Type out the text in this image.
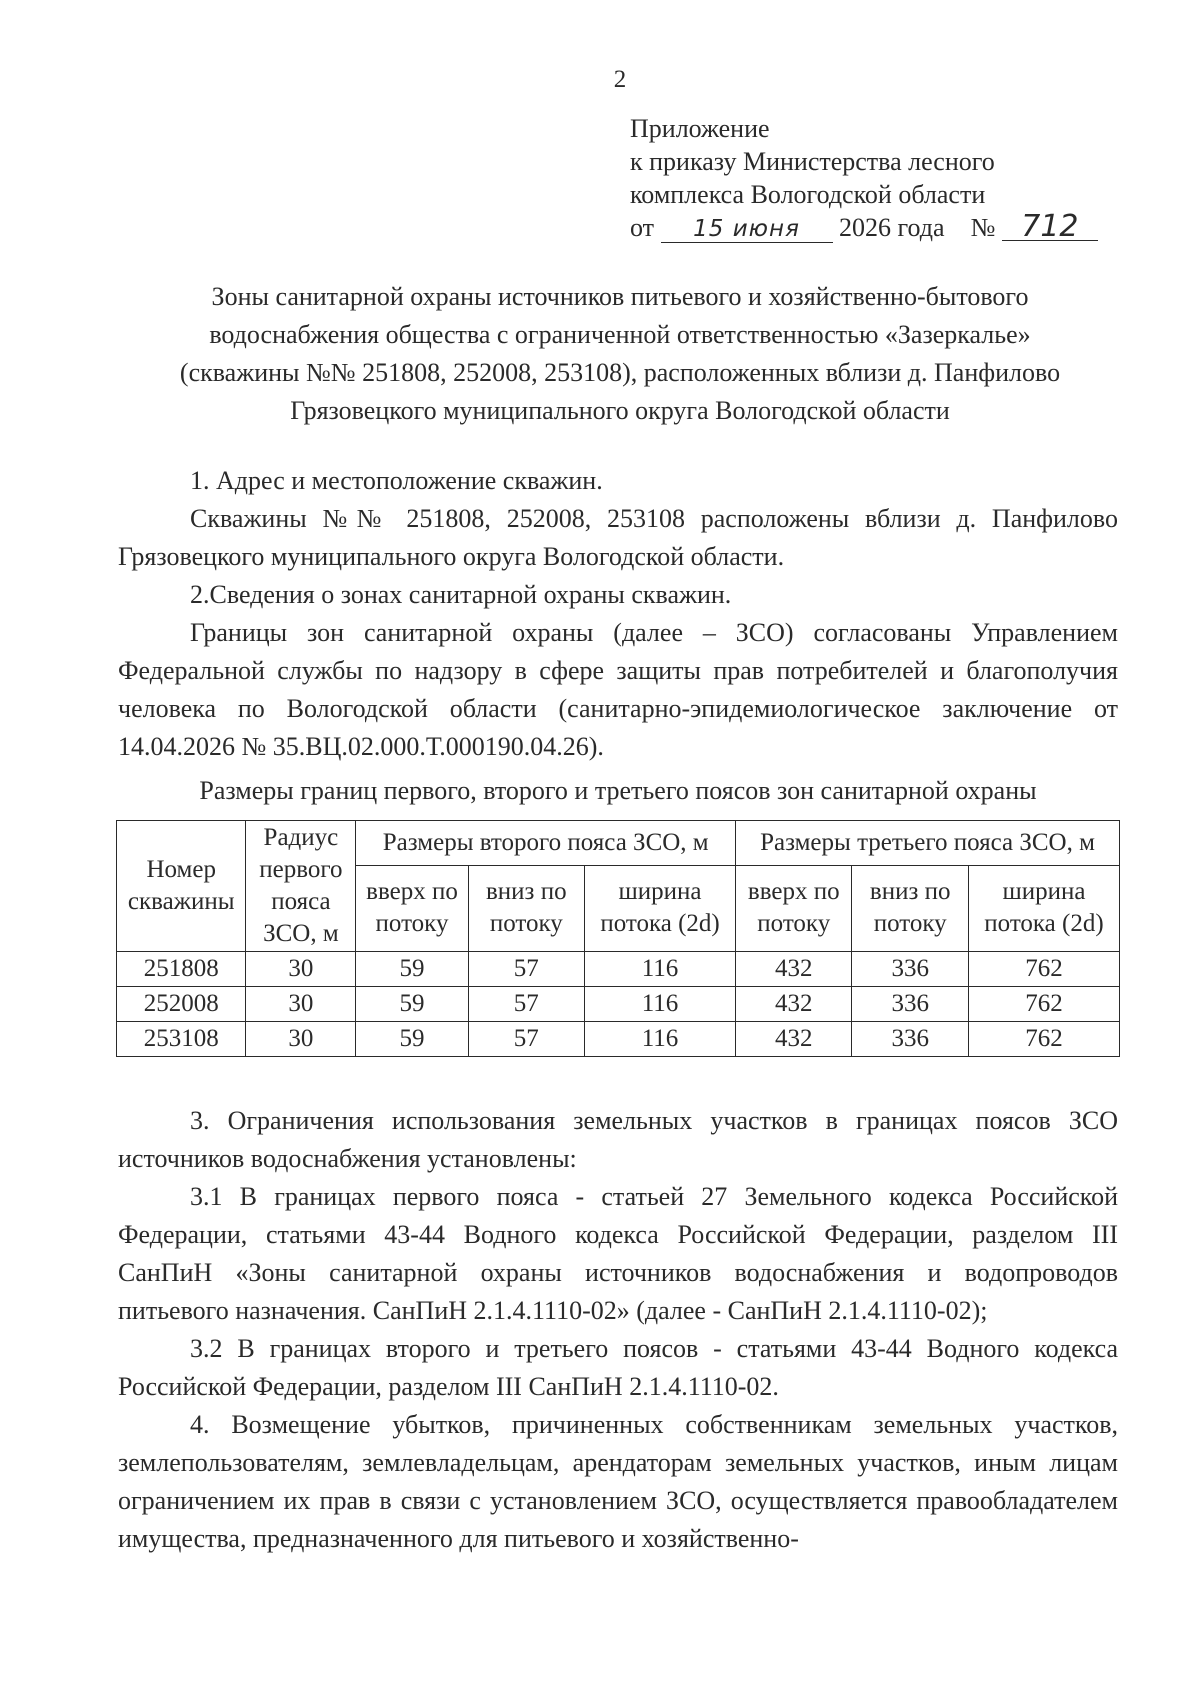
2
Приложение
к приказу Министерства лесного
комплекса Вологодской области
от 15 июня 2026 года № 712
Зоны санитарной охраны источников питьевого и хозяйственно-бытового
водоснабжения общества с ограниченной ответственностью «Зазеркалье»
(скважины №№ 251808, 252008, 253108), расположенных вблизи д. Панфилово
Грязовецкого муниципального округа Вологодской области

1. Адрес и местоположение скважин.

Скважины №№ 251808, 252008, 253108 расположены вблизи д. Панфилово Грязовецкого муниципального округа Вологодской области.

2.Сведения о зонах санитарной охраны скважин.

Границы зон санитарной охраны (далее – ЗСО) согласованы Управлением Федеральной службы по надзору в сфере защиты прав потребителей и благополучия человека по Вологодской области (санитарно-эпидемиологическое заключение от 14.04.2026 № 35.ВЦ.02.000.Т.000190.04.26).

Размеры границ первого, второго и третьего поясов зон санитарной охраны
Номер скважины	Радиус первого пояса ЗСО, м	Размеры второго пояса ЗСО, м			Размеры третьего пояса ЗСО, м		
		вверх по потоку	вниз по потоку	ширина потока (2d)	вверх по потоку	вниз по потоку	ширина потока (2d)
251808	30	59	57	116	432	336	762
252008	30	59	57	116	432	336	762
253108	30	59	57	116	432	336	762

3. Ограничения использования земельных участков в границах поясов ЗСО источников водоснабжения установлены:

3.1 В границах первого пояса - статьей 27 Земельного кодекса Российской Федерации, статьями 43-44 Водного кодекса Российской Федерации, разделом III СанПиН «Зоны санитарной охраны источников водоснабжения и водопроводов питьевого назначения. СанПиН 2.1.4.1110-02» (далее - СанПиН 2.1.4.1110-02);

3.2 В границах второго и третьего поясов - статьями 43-44 Водного кодекса Российской Федерации, разделом III СанПиН 2.1.4.1110-02.

4. Возмещение убытков, причиненных собственникам земельных участков, землепользователям, землевладельцам, арендаторам земельных участков, иным лицам ограничением их прав в связи с установлением ЗСО, осуществляется правообладателем имущества, предназначенного для питьевого и хозяйственно-
